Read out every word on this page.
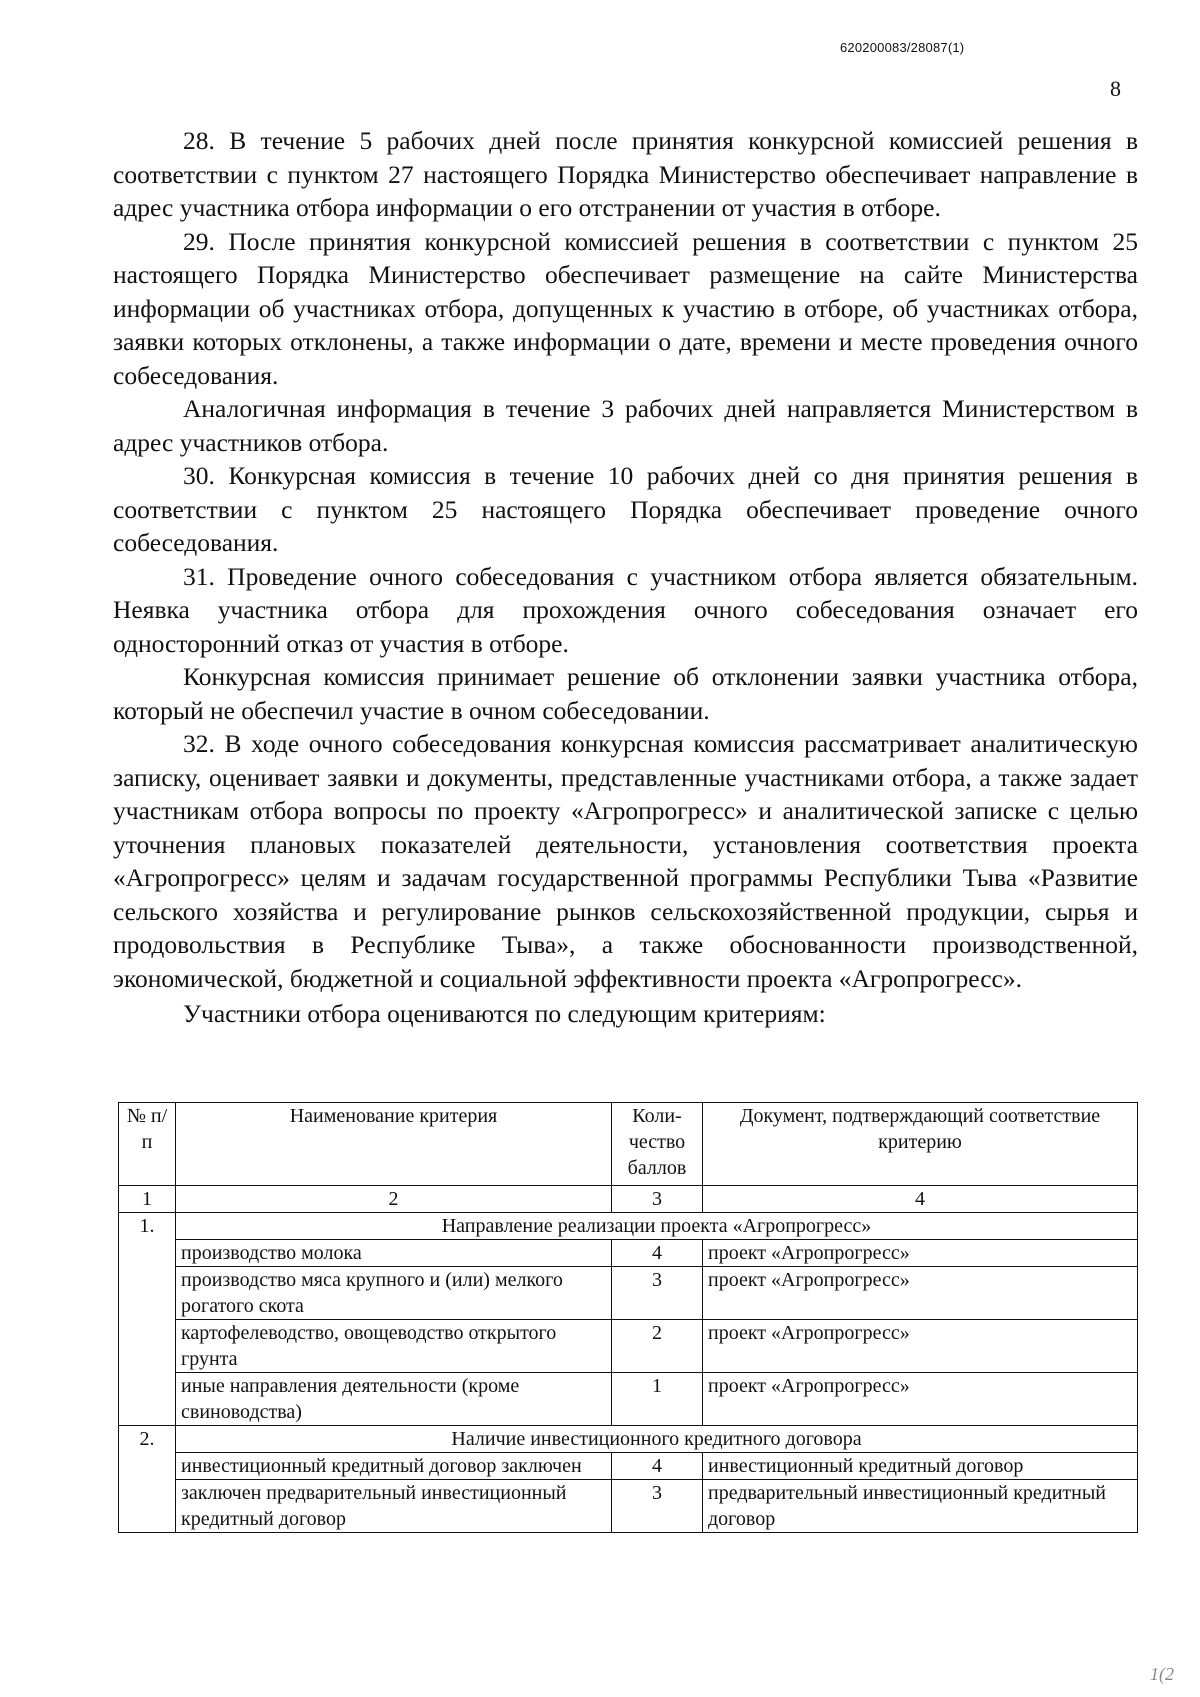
620200083/28087(1)
8

28. В течение 5 рабочих дней после принятия конкурсной комиссией решения в соответствии с пунктом 27 настоящего Порядка Министерство обеспечивает направление в адрес участника отбора информации о его отстранении от участия в отборе.

29. После принятия конкурсной комиссией решения в соответствии с пунктом 25 настоящего Порядка Министерство обеспечивает размещение на сайте Министерства информации об участниках отбора, допущенных к участию в отборе, об участниках отбора, заявки которых отклонены, а также информации о дате, времени и месте проведения очного собеседования.

Аналогичная информация в течение 3 рабочих дней направляется Министерством в адрес участников отбора.

30. Конкурсная комиссия в течение 10 рабочих дней со дня принятия решения в соответствии с пунктом 25 настоящего Порядка обеспечивает проведение очного собеседования.

31. Проведение очного собеседования с участником отбора является обязательным. Неявка участника отбора для прохождения очного собеседования означает его односторонний отказ от участия в отборе.

Конкурсная комиссия принимает решение об отклонении заявки участника отбора, который не обеспечил участие в очном собеседовании.

32. В ходе очного собеседования конкурсная комиссия рассматривает аналитическую записку, оценивает заявки и документы, представленные участниками отбора, а также задает участникам отбора вопросы по проекту «Агропрогресс» и аналитической записке с целью уточнения плановых показателей деятельности, установления соответствия проекта «Агропрогресс» целям и задачам государственной программы Республики Тыва «Развитие сельского хозяйства и регулирование рынков сельскохозяйственной продукции, сырья и продовольствия в Республике Тыва», а также обоснованности производственной, экономической, бюджетной и социальной эффективности проекта «Агропрогресс».

Участники отбора оцениваются по следующим критериям:

№ п/п	Наименование критерия	Количество баллов	Документ, подтверждающий соответствие критерию
1	2	3	4
1.	Направление реализации проекта «Агропрогресс»		
	производство молока	4	проект «Агропрогресс»
	производство мяса крупного и (или) мелкого рогатого скота	3	проект «Агропрогресс»
	картофелеводство, овощеводство открытого грунта	2	проект «Агропрогресс»
	иные направления деятельности (кроме свиноводства)	1	проект «Агропрогресс»
2.	Наличие инвестиционного кредитного договора		
	инвестиционный кредитный договор заключен	4	инвестиционный кредитный договор
	заключен предварительный инвестиционный кредитный договор	3	предварительный инвестиционный кредитный договор
1(2
